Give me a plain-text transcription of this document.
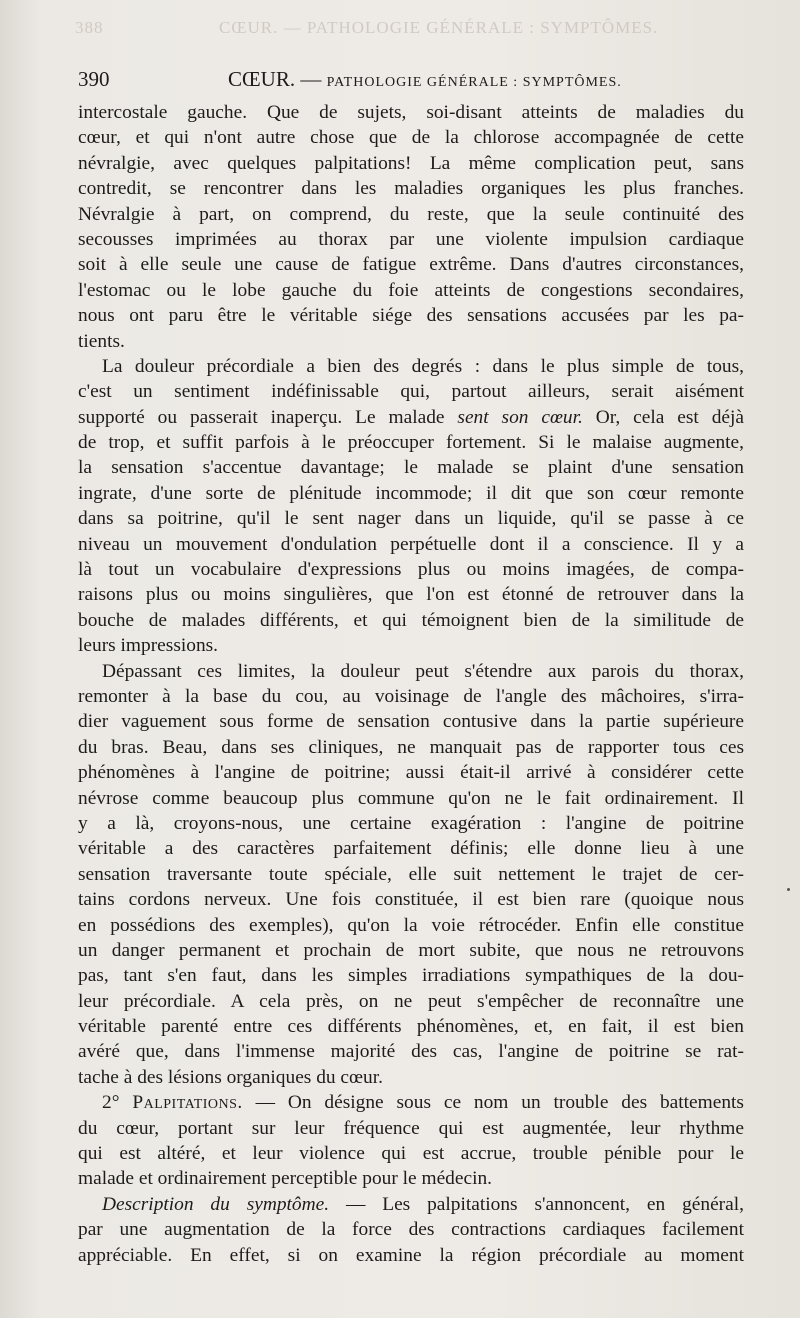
388                      CŒUR. — PATHOLOGIE GÉNÉRALE : SYMPTÔMES.
390	CŒUR. — PATHOLOGIE GÉNÉRALE : SYMPTÔMES.
intercostale gauche. Que de sujets, soi-disant atteints de maladies du
cœur, et qui n'ont autre chose que de la chlorose accompagnée de cette
névralgie, avec quelques palpitations! La même complication peut, sans
contredit, se rencontrer dans les maladies organiques les plus franches.
Névralgie à part, on comprend, du reste, que la seule continuité des
secousses imprimées au thorax par une violente impulsion cardiaque
soit à elle seule une cause de fatigue extrême. Dans d'autres circonstances,
l'estomac ou le lobe gauche du foie atteints de congestions secondaires,
nous ont paru être le véritable siége des sensations accusées par les pa-
tients.
La douleur précordiale a bien des degrés : dans le plus simple de tous,
c'est un sentiment indéfinissable qui, partout ailleurs, serait aisément
supporté ou passerait inaperçu. Le malade sent son cœur. Or, cela est déjà
de trop, et suffit parfois à le préoccuper fortement. Si le malaise augmente,
la sensation s'accentue davantage; le malade se plaint d'une sensation
ingrate, d'une sorte de plénitude incommode; il dit que son cœur remonte
dans sa poitrine, qu'il le sent nager dans un liquide, qu'il se passe à ce
niveau un mouvement d'ondulation perpétuelle dont il a conscience. Il y a
là tout un vocabulaire d'expressions plus ou moins imagées, de compa-
raisons plus ou moins singulières, que l'on est étonné de retrouver dans la
bouche de malades différents, et qui témoignent bien de la similitude de
leurs impressions.
Dépassant ces limites, la douleur peut s'étendre aux parois du thorax,
remonter à la base du cou, au voisinage de l'angle des mâchoires, s'irra-
dier vaguement sous forme de sensation contusive dans la partie supérieure
du bras. Beau, dans ses cliniques, ne manquait pas de rapporter tous ces
phénomènes à l'angine de poitrine; aussi était-il arrivé à considérer cette
névrose comme beaucoup plus commune qu'on ne le fait ordinairement. Il
y a là, croyons-nous, une certaine exagération : l'angine de poitrine
véritable a des caractères parfaitement définis; elle donne lieu à une
sensation traversante toute spéciale, elle suit nettement le trajet de cer-
tains cordons nerveux. Une fois constituée, il est bien rare (quoique nous
en possédions des exemples), qu'on la voie rétrocéder. Enfin elle constitue
un danger permanent et prochain de mort subite, que nous ne retrouvons
pas, tant s'en faut, dans les simples irradiations sympathiques de la dou-
leur précordiale. A cela près, on ne peut s'empêcher de reconnaître une
véritable parenté entre ces différents phénomènes, et, en fait, il est bien
avéré que, dans l'immense majorité des cas, l'angine de poitrine se rat-
tache à des lésions organiques du cœur.
2° Palpitations. — On désigne sous ce nom un trouble des battements
du cœur, portant sur leur fréquence qui est augmentée, leur rhythme
qui est altéré, et leur violence qui est accrue, trouble pénible pour le
malade et ordinairement perceptible pour le médecin.
Description du symptôme. — Les palpitations s'annoncent, en général,
par une augmentation de la force des contractions cardiaques facilement
appréciable. En effet, si on examine la région précordiale au moment
